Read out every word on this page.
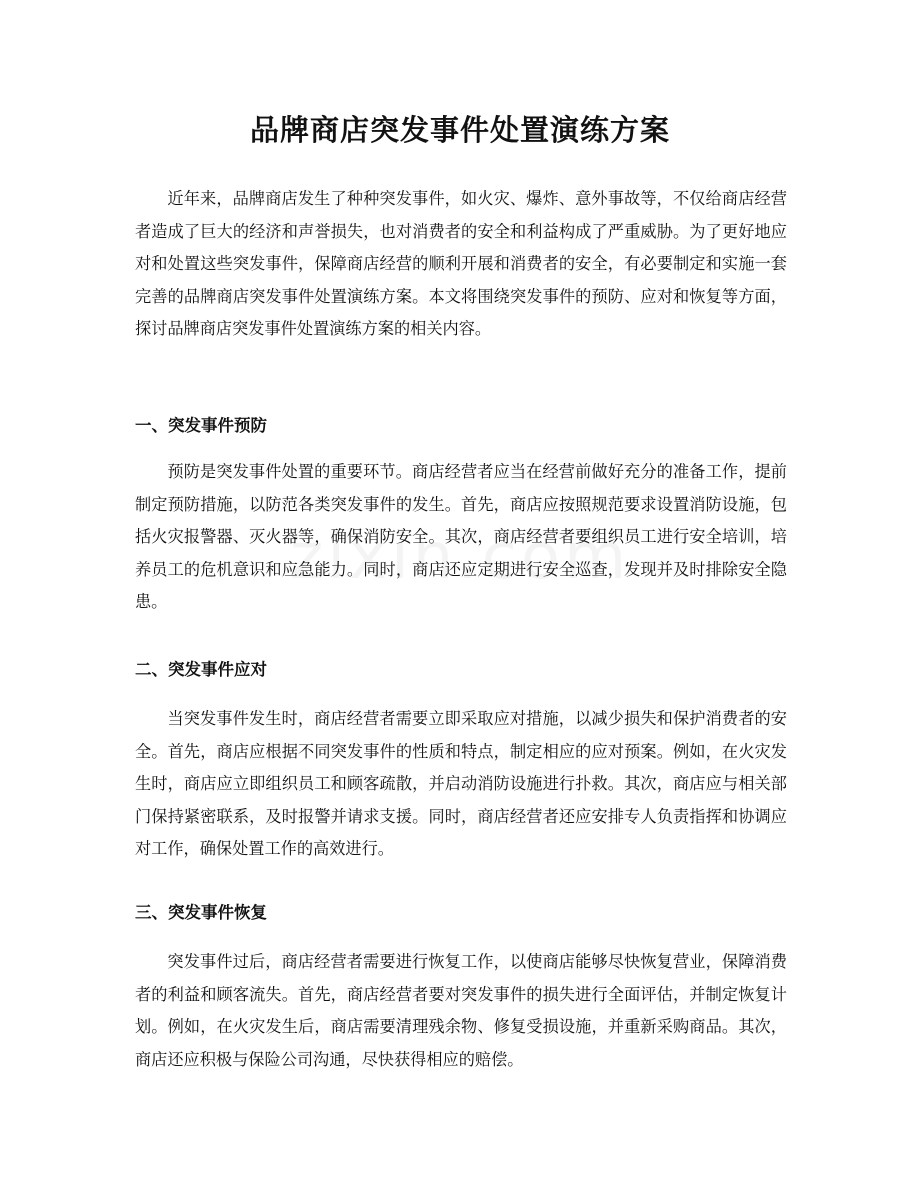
品牌商店突发事件处置演练方案

近年来，品牌商店发生了种种突发事件，如火灾、爆炸、意外事故等，不仅给商店经营者造成了巨大的经济和声誉损失，也对消费者的安全和利益构成了严重威胁。为了更好地应对和处置这些突发事件，保障商店经营的顺利开展和消费者的安全，有必要制定和实施一套完善的品牌商店突发事件处置演练方案。本文将围绕突发事件的预防、应对和恢复等方面，探讨品牌商店突发事件处置演练方案的相关内容。

一、突发事件预防

预防是突发事件处置的重要环节。商店经营者应当在经营前做好充分的准备工作，提前制定预防措施，以防范各类突发事件的发生。首先，商店应按照规范要求设置消防设施，包括火灾报警器、灭火器等，确保消防安全。其次，商店经营者要组织员工进行安全培训，培养员工的危机意识和应急能力。同时，商店还应定期进行安全巡查，发现并及时排除安全隐患。

二、突发事件应对

当突发事件发生时，商店经营者需要立即采取应对措施，以减少损失和保护消费者的安全。首先，商店应根据不同突发事件的性质和特点，制定相应的应对预案。例如，在火灾发生时，商店应立即组织员工和顾客疏散，并启动消防设施进行扑救。其次，商店应与相关部门保持紧密联系，及时报警并请求支援。同时，商店经营者还应安排专人负责指挥和协调应对工作，确保处置工作的高效进行。

三、突发事件恢复

突发事件过后，商店经营者需要进行恢复工作，以使商店能够尽快恢复营业，保障消费者的利益和顾客流失。首先，商店经营者要对突发事件的损失进行全面评估，并制定恢复计划。例如，在火灾发生后，商店需要清理残余物、修复受损设施，并重新采购商品。其次，商店还应积极与保险公司沟通，尽快获得相应的赔偿。
